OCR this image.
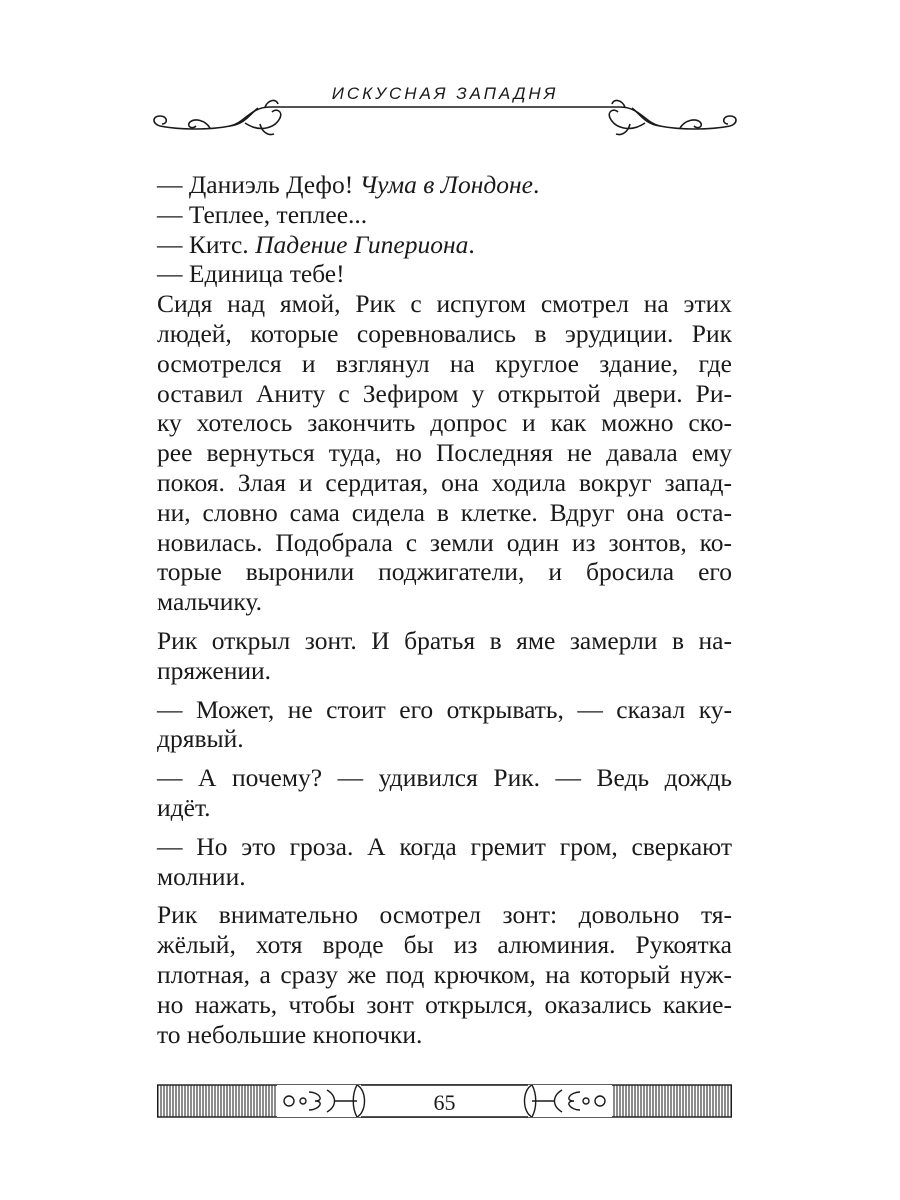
ИСКУСНАЯ ЗАПАДНЯ

— Даниэль Дефо! Чума в Лондоне.

— Теплее, теплее...

— Китс. Падение Гипериона.

— Единица тебе!

Сидя над ямой, Рик с испугом смотрел на этих
людей, которые соревновались в эрудиции. Рик
осмотрелся и взглянул на круглое здание, где
оставил Аниту с Зефиром у открытой двери. Ри-
ку хотелось закончить допрос и как можно ско-
рее вернуться туда, но Последняя не давала ему
покоя. Злая и сердитая, она ходила вокруг запад-
ни, словно сама сидела в клетке. Вдруг она оста-
новилась. Подобрала с земли один из зонтов, ко-
торые выронили поджигатели, и бросила его
мальчику.

Рик открыл зонт. И братья в яме замерли в на-
пряжении.

— Может, не стоит его открывать, — сказал ку-
дрявый.

— А почему? — удивился Рик. — Ведь дождь
идёт.

— Но это гроза. А когда гремит гром, сверкают
молнии.

Рик внимательно осмотрел зонт: довольно тя-
жёлый, хотя вроде бы из алюминия. Рукоятка
плотная, а сразу же под крючком, на который нуж-
но нажать, чтобы зонт открылся, оказались какие-
то небольшие кнопочки.

65
